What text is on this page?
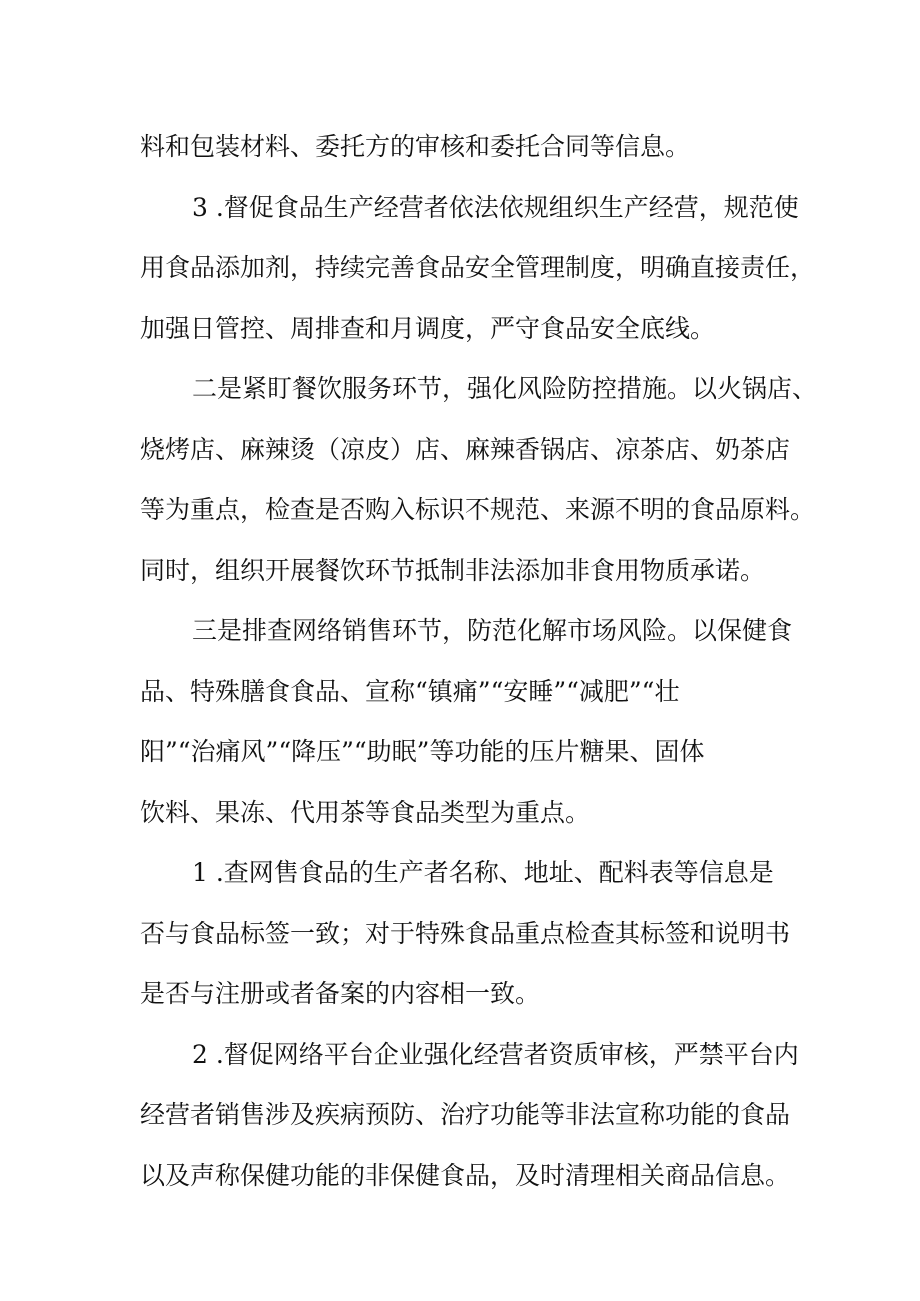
料和包装材料、委托方的审核和委托合同等信息。
3 .督促食品生产经营者依法依规组织生产经营，规范使
用食品添加剂，持续完善食品安全管理制度，明确直接责任，
加强日管控、周排查和月调度，严守食品安全底线。
二是紧盯餐饮服务环节，强化风险防控措施。以火锅店、
烧烤店、麻辣烫（凉皮）店、麻辣香锅店、凉茶店、奶茶店
等为重点，检查是否购入标识不规范、来源不明的食品原料。
同时，组织开展餐饮环节抵制非法添加非食用物质承诺。
三是排查网络销售环节，防范化解市场风险。以保健食
品、特殊膳食食品、宣称“镇痛”“安睡”“减肥”“壮
阳”“治痛风”“降压”“助眠”等功能的压片糖果、固体
饮料、果冻、代用茶等食品类型为重点。
1 .查网售食品的生产者名称、地址、配料表等信息是
否与食品标签一致；对于特殊食品重点检查其标签和说明书
是否与注册或者备案的内容相一致。
2 .督促网络平台企业强化经营者资质审核，严禁平台内
经营者销售涉及疾病预防、治疗功能等非法宣称功能的食品
以及声称保健功能的非保健食品，及时清理相关商品信息。
